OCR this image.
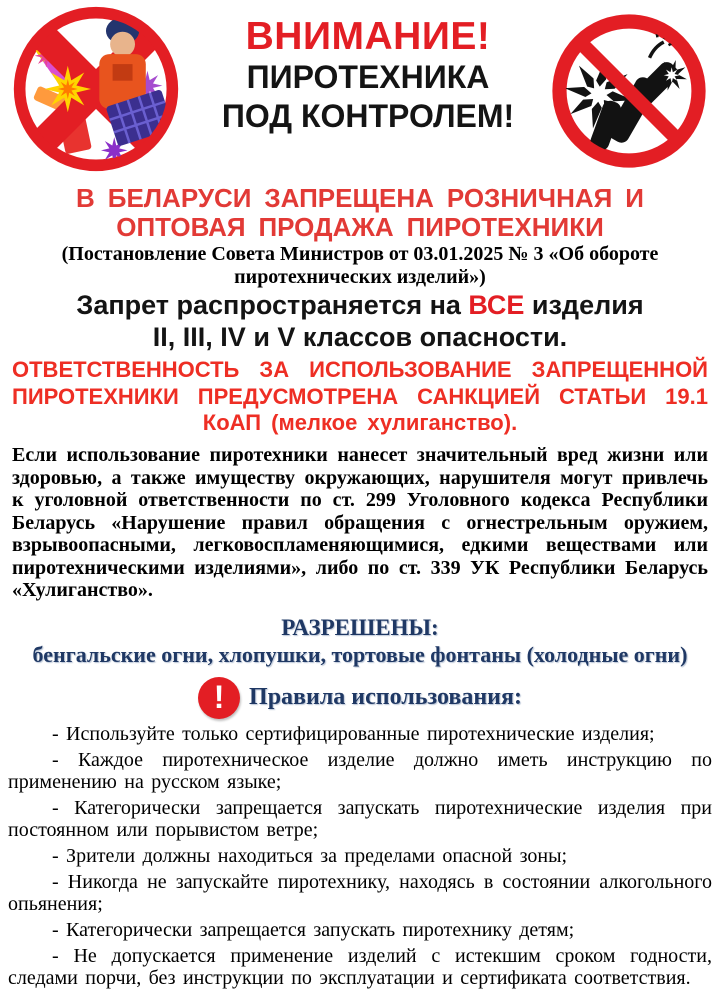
ВНИМАНИЕ!
ПИРОТЕХНИКА
ПОД КОНТРОЛЕМ!
В БЕЛАРУСИ ЗАПРЕЩЕНА РОЗНИЧНАЯ И ОПТОВАЯ ПРОДАЖА ПИРОТЕХНИКИ
(Постановление Совета Министров от 03.01.2025 № 3 «Об обороте пиротехнических изделий»)
Запрет распространяется на ВСЕ изделия
II, III, IV и V классов опасности.
ОТВЕТСТВЕННОСТЬ ЗА ИСПОЛЬЗОВАНИЕ ЗАПРЕЩЕННОЙ ПИРОТЕХНИКИ ПРЕДУСМОТРЕНА САНКЦИЕЙ СТАТЬИ 19.1 КоАП (мелкое хулиганство).

Если использование пиротехники нанесет значительный вред жизни или здоровью, а также имуществу окружающих, нарушителя могут привлечь к уголовной ответственности по ст. 299 Уголовного кодекса Республики Беларусь «Нарушение правил обращения с огнестрельным оружием, взрывоопасными, легковоспламеняющимися, едкими веществами или пиротехническими изделиями», либо по ст. 339 УК Республики Беларусь «Хулиганство».

РАЗРЕШЕНЫ:
бенгальские огни, хлопушки, тортовые фонтаны (холодные огни)
!	Правила использования:

- Используйте только сертифицированные пиротехнические изделия;

- Каждое пиротехническое изделие должно иметь инструкцию по применению на русском языке;

- Категорически запрещается запускать пиротехнические изделия при постоянном или порывистом ветре;

- Зрители должны находиться за пределами опасной зоны;

- Никогда не запускайте пиротехнику, находясь в состоянии алкогольного опьянения;

- Категорически запрещается запускать пиротехнику детям;

- Не допускается применение изделий с истекшим сроком годности, следами порчи, без инструкции по эксплуатации и сертификата соответствия.
